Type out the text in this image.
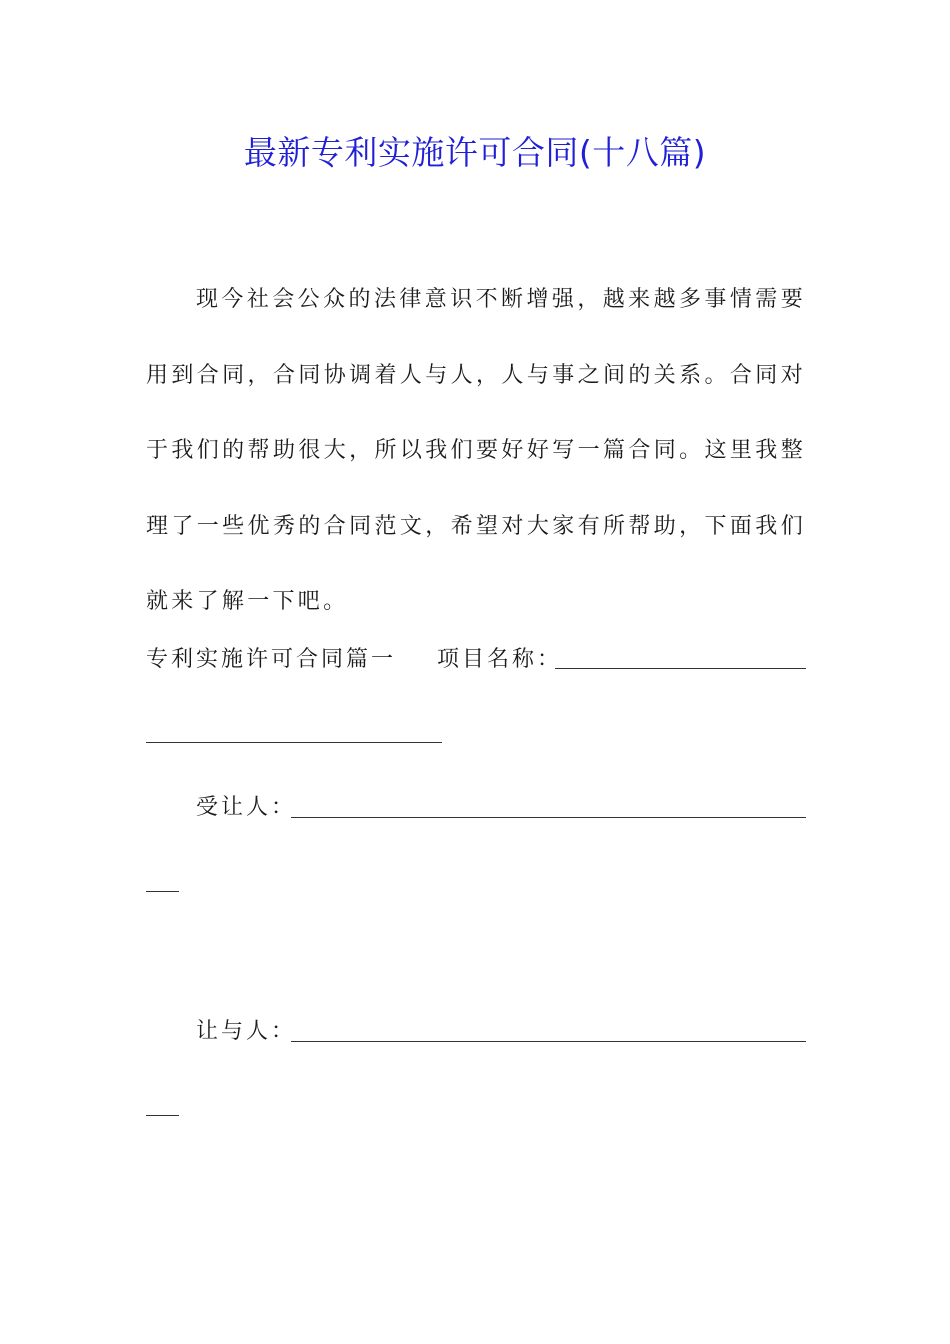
最新专利实施许可合同(十八篇)

现今社会公众的法律意识不断增强，越来越多事情需要用到合同，合同协调着人与人，人与事之间的关系。合同对于我们的帮助很大，所以我们要好好写一篇合同。这里我整理了一些优秀的合同范文，希望对大家有所帮助，下面我们就来了解一下吧。

专利实施许可合同篇一 项目名称：
受让人：
让与人：
